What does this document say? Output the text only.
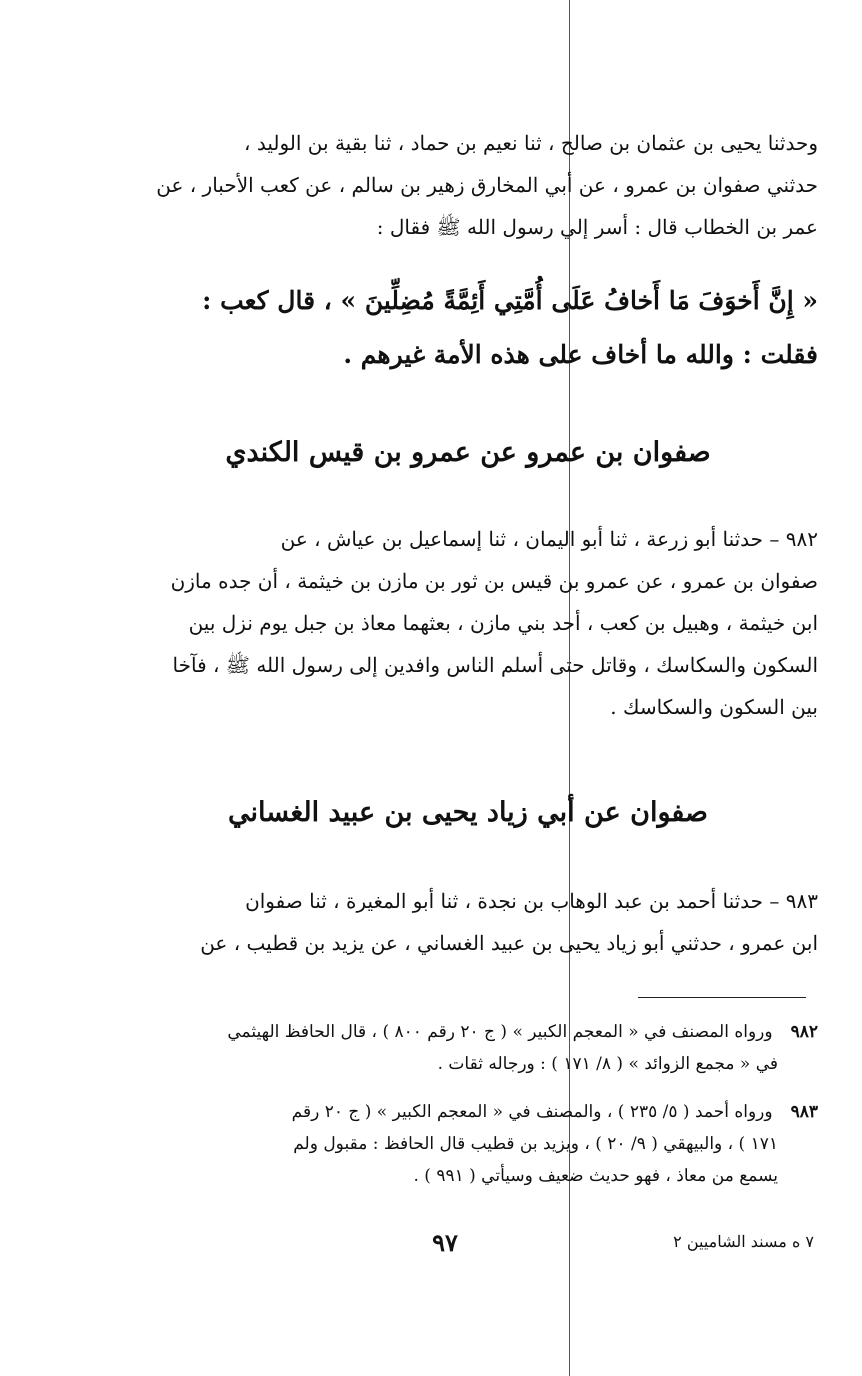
وحدثنا يحيى بن عثمان بن صالح ، ثنا نعيم بن حماد ، ثنا بقية بن الوليد ،
حدثني صفوان بن عمرو ، عن أبي المخارق زهير بن سالم ، عن كعب الأحبار ، عن
عمر بن الخطاب قال : أسر إلي رسول الله ﷺ فقال :
« إِنَّ أَخوَفَ مَا أَخافُ عَلَى أُمَّتِي أَئِمَّةً مُضِلِّينَ » ، قال كعب :
فقلت : والله ما أخاف على هذه الأمة غيرهم .
صفوان بن عمرو عن عمرو بن قيس الكندي
٩٨٢ – حدثنا أبو زرعة ، ثنا أبو اليمان ، ثنا إسماعيل بن عياش ، عن
صفوان بن عمرو ، عن عمرو بن قيس بن ثور بن مازن بن خيثمة ، أن جده مازن
ابن خيثمة ، وهبيل بن كعب ، أحد بني مازن ، بعثهما معاذ بن جبل يوم نزل بين
السكون والسكاسك ، وقاتل حتى أسلم الناس وافدين إلى رسول الله ﷺ ، فآخا
بين السكون والسكاسك .
صفوان عن أبي زياد يحيى بن عبيد الغساني
٩٨٣ – حدثنا أحمد بن عبد الوهاب بن نجدة ، ثنا أبو المغيرة ، ثنا صفوان
ابن عمرو ، حدثني أبو زياد يحيى بن عبيد الغساني ، عن يزيد بن قطيب ، عن
٩٨٢ ورواه المصنف في « المعجم الكبير » ( ج ٢٠ رقم ٨٠٠ ) ، قال الحافظ الهيثمي
في « مجمع الزوائد » ( ٨/ ١٧١ ) : ورجاله ثقات .
٩٨٣ ورواه أحمد ( ٥/ ٢٣٥ ) ، والمصنف في « المعجم الكبير » ( ج ٢٠ رقم
١٧١ ) ، والبيهقي ( ٩/ ٢٠ ) ، ويزيد بن قطيب قال الحافظ : مقبول ولم
يسمع من معاذ ، فهو حديث ضعيف وسيأتي ( ٩٩١ ) .
٧ ه مسند الشاميين ٢
٩٧
